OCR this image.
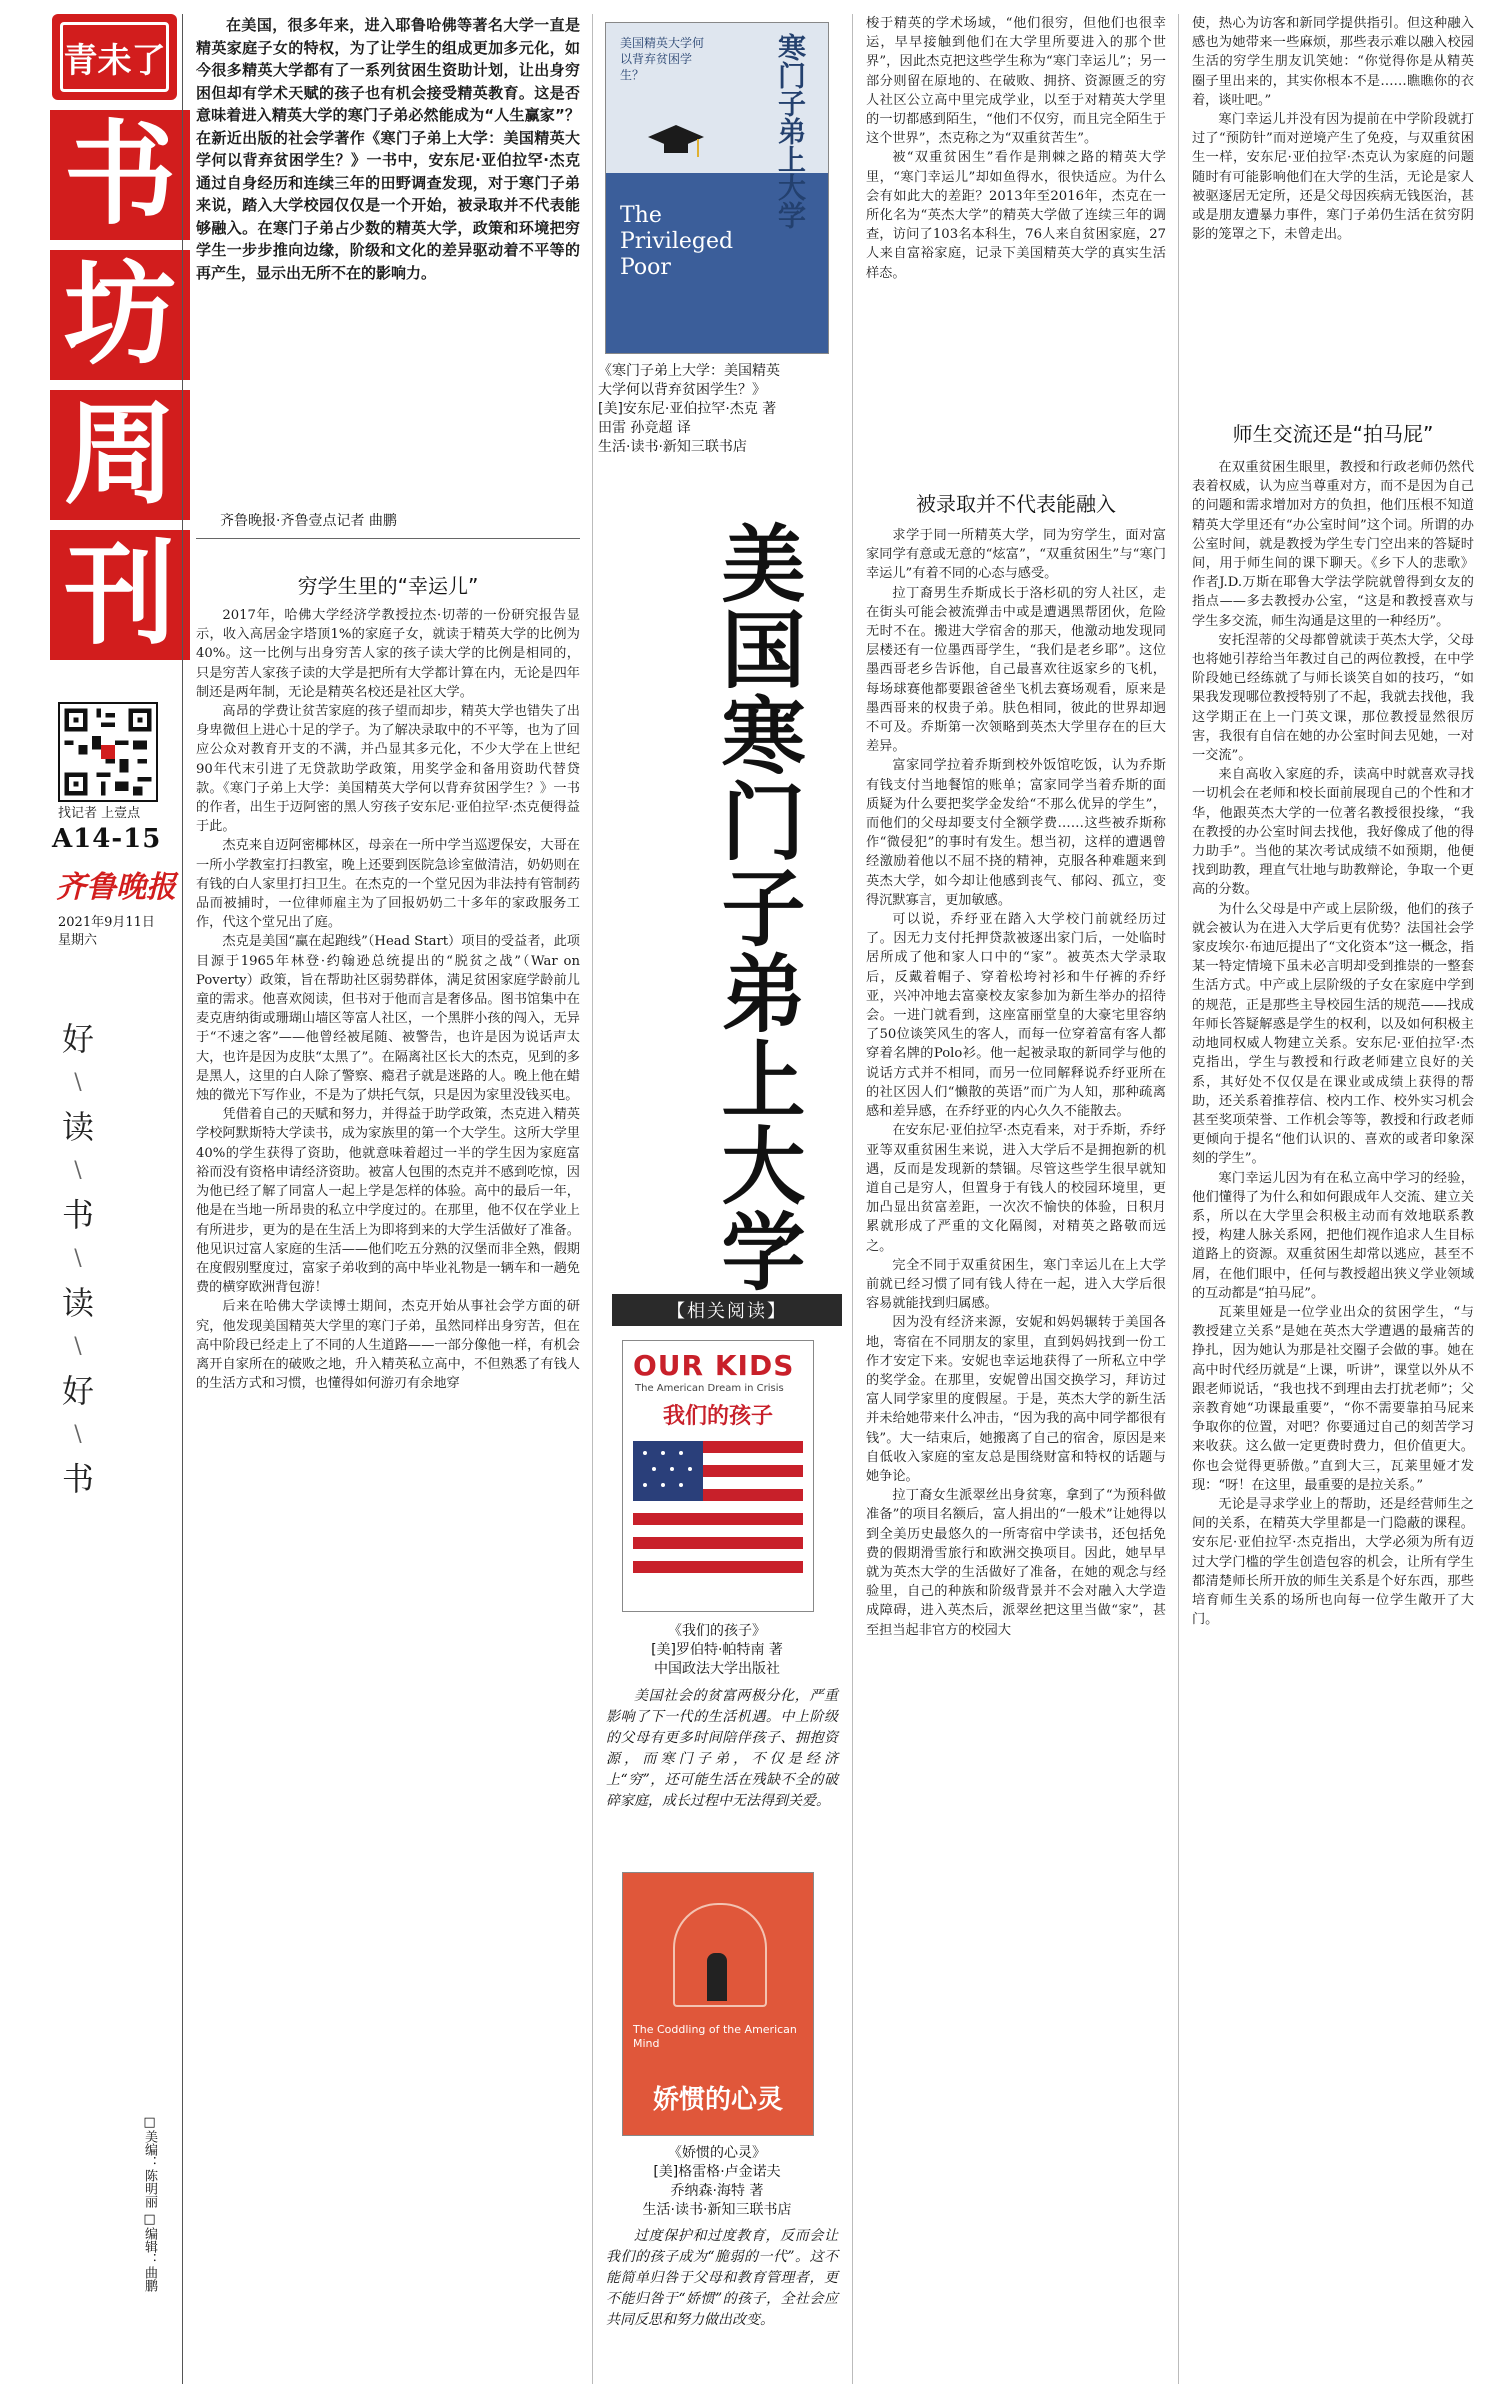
青未了
书
坊
周
刊
找记者 上壹点
A14-15
齐鲁晚报
2021年9月11日
星期六
好
\
读
\
书
\
读
\
好
\
书
□美编：陈明丽 □编辑：曲鹏

在美国，很多年来，进入耶鲁哈佛等著名大学一直是精英家庭子女的特权，为了让学生的组成更加多元化，如今很多精英大学都有了一系列贫困生资助计划，让出身穷困但却有学术天赋的孩子也有机会接受精英教育。这是否意味着进入精英大学的寒门子弟必然能成为“人生赢家”？在新近出版的社会学著作《寒门子弟上大学：美国精英大学何以背弃贫困学生？》一书中，安东尼·亚伯拉罕·杰克通过自身经历和连续三年的田野调查发现，对于寒门子弟来说，踏入大学校园仅仅是一个开始，被录取并不代表能够融入。在寒门子弟占少数的精英大学，政策和环境把穷学生一步步推向边缘，阶级和文化的差异驱动着不平等的再产生，显示出无所不在的影响力。

齐鲁晚报·齐鲁壹点记者 曲鹏
穷学生里的“幸运儿”

2017年，哈佛大学经济学教授拉杰·切蒂的一份研究报告显示，收入高居金字塔顶1%的家庭子女，就读于精英大学的比例为40%。这一比例与出身穷苦人家的孩子读大学的比例是相同的，只是穷苦人家孩子读的大学是把所有大学都计算在内，无论是四年制还是两年制，无论是精英名校还是社区大学。

高昂的学费让贫苦家庭的孩子望而却步，精英大学也错失了出身卑微但上进心十足的学子。为了解决录取中的不平等，也为了回应公众对教育开支的不满，并凸显其多元化，不少大学在上世纪90年代末引进了无贷款助学政策，用奖学金和备用资助代替贷款。《寒门子弟上大学：美国精英大学何以背弃贫困学生？》一书的作者，出生于迈阿密的黑人穷孩子安东尼·亚伯拉罕·杰克便得益于此。

杰克来自迈阿密椰林区，母亲在一所中学当巡逻保安，大哥在一所小学教室打扫教室，晚上还要到医院急诊室做清洁，奶奶则在有钱的白人家里打扫卫生。在杰克的一个堂兄因为非法持有管制药品而被捕时，一位律师雇主为了回报奶奶二十多年的家政服务工作，代这个堂兄出了庭。

杰克是美国“赢在起跑线”（Head Start）项目的受益者，此项目源于1965年林登·约翰逊总统提出的“脱贫之战”（War on Poverty）政策，旨在帮助社区弱势群体，满足贫困家庭学龄前儿童的需求。他喜欢阅读，但书对于他而言是奢侈品。图书馆集中在麦克唐纳街或珊瑚山墙区等富人社区，一个黑胖小孩的闯入，无异于“不速之客”——他曾经被尾随、被警告，也许是因为说话声太大，也许是因为皮肤“太黑了”。在隔离社区长大的杰克，见到的多是黑人，这里的白人除了警察、瘾君子就是迷路的人。晚上他在蜡烛的微光下写作业，不是为了烘托气氛，只是因为家里没钱买电。

凭借着自己的天赋和努力，并得益于助学政策，杰克进入精英学校阿默斯特大学读书，成为家族里的第一个大学生。这所大学里40%的学生获得了资助，他就意味着超过一半的学生因为家庭富裕而没有资格申请经济资助。被富人包围的杰克并不感到吃惊，因为他已经了解了同富人一起上学是怎样的体验。高中的最后一年，他是在当地一所昂贵的私立中学度过的。在那里，他不仅在学业上有所进步，更为的是在生活上为即将到来的大学生活做好了准备。他见识过富人家庭的生活——他们吃五分熟的汉堡而非全熟，假期在度假别墅度过，富家子弟收到的高中毕业礼物是一辆车和一趟免费的横穿欧洲背包游！

后来在哈佛大学读博士期间，杰克开始从事社会学方面的研究，他发现美国精英大学里的寒门子弟，虽然同样出身穷苦，但在高中阶段已经走上了不同的人生道路——一部分像他一样，有机会离开自家所在的破败之地，升入精英私立高中，不但熟悉了有钱人的生活方式和习惯，也懂得如何游刃有余地穿

美国精英大学何以背弃贫困学生？	寒门子弟上大学
The Privileged Poor
《寒门子弟上大学：美国精英
大学何以背弃贫困学生？》
[美]安东尼·亚伯拉罕·杰克 著
田雷 孙竞超 译
生活·读书·新知三联书店
美国寒门子弟上大学
【相关阅读】
OUR KIDS
The American Dream in Crisis
我们的孩子
《我们的孩子》
[美]罗伯特·帕特南 著
中国政法大学出版社

美国社会的贫富两极分化，严重影响了下一代的生活机遇。中上阶级的父母有更多时间陪伴孩子、拥抱资源，而寒门子弟，不仅是经济上“穷”，还可能生活在残缺不全的破碎家庭，成长过程中无法得到关爱。

The Coddling of the American Mind
娇惯的心灵
《娇惯的心灵》
[美]格雷格·卢金诺夫
乔纳森·海特 著
生活·读书·新知三联书店

过度保护和过度教育，反而会让我们的孩子成为“脆弱的一代”。这不能简单归咎于父母和教育管理者，更不能归咎于“娇惯”的孩子，全社会应共同反思和努力做出改变。

梭于精英的学术场域，“他们很穷，但他们也很幸运，早早接触到他们在大学里所要进入的那个世界”，因此杰克把这些学生称为“寒门幸运儿”；另一部分则留在原地的、在破败、拥挤、资源匮乏的穷人社区公立高中里完成学业，以至于对精英大学里的一切都感到陌生，“他们不仅穷，而且完全陌生于这个世界”，杰克称之为“双重贫苦生”。

被“双重贫困生”看作是荆棘之路的精英大学里，“寒门幸运儿”却如鱼得水，很快适应。为什么会有如此大的差距？2013年至2016年，杰克在一所化名为“英杰大学”的精英大学做了连续三年的调查，访问了103名本科生，76人来自贫困家庭，27人来自富裕家庭，记录下美国精英大学的真实生活样态。

被录取并不代表能融入

求学于同一所精英大学，同为穷学生，面对富家同学有意或无意的“炫富”，“双重贫困生”与“寒门幸运儿”有着不同的心态与感受。

拉丁裔男生乔斯成长于洛杉矶的穷人社区，走在街头可能会被流弹击中或是遭遇黑帮团伙，危险无时不在。搬进大学宿舍的那天，他激动地发现同层楼还有一位墨西哥学生，“我们是老乡耶”。这位墨西哥老乡告诉他，自己最喜欢往返家乡的飞机，每场球赛他都要跟爸爸坐飞机去赛场观看，原来是墨西哥来的权贵子弟。肤色相同，彼此的世界却迥不可及。乔斯第一次领略到英杰大学里存在的巨大差异。

富家同学拉着乔斯到校外饭馆吃饭，认为乔斯有钱支付当地餐馆的账单；富家同学当着乔斯的面质疑为什么要把奖学金发给“不那么优异的学生”，而他们的父母却要支付全额学费……这些被乔斯称作“微侵犯”的事时有发生。想当初，这样的遭遇曾经激励着他以不屈不挠的精神，克服各种难题来到英杰大学，如今却让他感到丧气、郁闷、孤立，变得沉默寡言，更加敏感。

可以说，乔纾亚在踏入大学校门前就经历过了。因无力支付托押贷款被逐出家门后，一处临时居所成了他和家人口中的“家”。被英杰大学录取后，反戴着帽子、穿着松垮衬衫和牛仔裤的乔纾亚，兴冲冲地去富豪校友家参加为新生举办的招待会。一进门就看到，这座富丽堂皇的大豪宅里容纳了50位谈笑风生的客人，而每一位穿着富有客人都穿着名牌的Polo衫。他一起被录取的新同学与他的说话方式并不相同，而另一位同解释说乔纾亚所在的社区因人们“懒散的英语”而广为人知，那种疏离感和差异感，在乔纾亚的内心久久不能散去。

在安东尼·亚伯拉罕·杰克看来，对于乔斯，乔纾亚等双重贫困生来说，进入大学后不是拥抱新的机遇，反而是发现新的禁锢。尽管这些学生很早就知道自己是穷人，但置身于有钱人的校园环境里，更加凸显出贫富差距，一次次不愉快的体验，日积月累就形成了严重的文化隔阂，对精英之路敬而远之。

完全不同于双重贫困生，寒门幸运儿在上大学前就已经习惯了同有钱人待在一起，进入大学后很容易就能找到归属感。

因为没有经济来源，安妮和妈妈辗转于美国各地，寄宿在不同朋友的家里，直到妈妈找到一份工作才安定下来。安妮也幸运地获得了一所私立中学的奖学金。在那里，安妮曾出国交换学习，拜访过富人同学家里的度假屋。于是，英杰大学的新生活并未给她带来什么冲击，“因为我的高中同学都很有钱”。大一结束后，她搬离了自己的宿舍，原因是来自低收入家庭的室友总是围绕财富和特权的话题与她争论。

拉丁裔女生派翠丝出身贫寒，拿到了“为预科做准备”的项目名额后，富人捐出的“一般术”让她得以到全美历史最悠久的一所寄宿中学读书，还包括免费的假期滑雪旅行和欧洲交换项目。因此，她早早就为英杰大学的生活做好了准备，在她的观念与经验里，自己的种族和阶级背景并不会对融入大学造成障碍，进入英杰后，派翠丝把这里当做“家”，甚至担当起非官方的校园大

使，热心为访客和新同学提供指引。但这种融入感也为她带来一些麻烦，那些表示难以融入校园生活的穷学生朋友讥笑她：“你觉得你是从精英圈子里出来的，其实你根本不是……瞧瞧你的衣着，谈吐吧。”

寒门幸运儿并没有因为提前在中学阶段就打过了“预防针”而对逆境产生了免疫，与双重贫困生一样，安东尼·亚伯拉罕·杰克认为家庭的问题随时有可能影响他们在大学的生活，无论是家人被驱逐居无定所，还是父母因疾病无钱医治，甚或是朋友遭暴力事件，寒门子弟仍生活在贫穷阴影的笼罩之下，未曾走出。

师生交流还是“拍马屁”

在双重贫困生眼里，教授和行政老师仍然代表着权威，认为应当尊重对方，而不是因为自己的问题和需求增加对方的负担，他们压根不知道精英大学里还有“办公室时间”这个词。所谓的办公室时间，就是教授为学生专门空出来的答疑时间，用于师生间的课下聊天。《乡下人的悲歌》作者J.D.万斯在耶鲁大学法学院就曾得到女友的指点——多去教授办公室，“这是和教授喜欢与学生多交流，师生沟通是这里的一种经历”。

安托涅蒂的父母都曾就读于英杰大学，父母也将她引荐给当年教过自己的两位教授，在中学阶段她已经练就了与师长谈笑自如的技巧，“如果我发现哪位教授特别了不起，我就去找他，我这学期正在上一门英文课，那位教授显然很厉害，我很有自信在她的办公室时间去见她，一对一交流”。

来自高收入家庭的乔，读高中时就喜欢寻找一切机会在老师和校长面前展现自己的个性和才华，他跟英杰大学的一位著名教授很投缘，“我在教授的办公室时间去找他，我好像成了他的得力助手”。当他的某次考试成绩不如预期，他便找到助教，理直气壮地与助教辩论，争取一个更高的分数。

为什么父母是中产或上层阶级，他们的孩子就会被认为在进入大学后更有优势？法国社会学家皮埃尔·布迪厄提出了“文化资本”这一概念，指某一特定情境下虽未必言明却受到推崇的一整套生活方式。中产或上层阶级的子女在家庭中学到的规范，正是那些主导校园生活的规范——找成年师长答疑解惑是学生的权利，以及如何积极主动地同权威人物建立关系。安东尼·亚伯拉罕·杰克指出，学生与教授和行政老师建立良好的关系，其好处不仅仅是在课业或成绩上获得的帮助，还关系着推荐信、校内工作、校外实习机会甚至奖项荣誉、工作机会等等，教授和行政老师更倾向于提名“他们认识的、喜欢的或者印象深刻的学生”。

寒门幸运儿因为有在私立高中学习的经验，他们懂得了为什么和如何跟成年人交流、建立关系，所以在大学里会积极主动而有效地联系教授，构建人脉关系网，把他们视作追求人生目标道路上的资源。双重贫困生却常以逃应，甚至不屑，在他们眼中，任何与教授超出狭义学业领域的互动都是“拍马屁”。

瓦莱里娅是一位学业出众的贫困学生，“与教授建立关系”是她在英杰大学遭遇的最痛苦的挣扎，因为她认为那是社交圈子会做的事。她在高中时代经历就是“上课，听讲”，课堂以外从不跟老师说话，“我也找不到理由去打扰老师”；父亲教育她“功课最重要”，“你不需要靠拍马屁来争取你的位置，对吧？你要通过自己的刻苦学习来收获。这么做一定更费时费力，但价值更大。你也会觉得更骄傲。”直到大三，瓦莱里娅才发现：“呀！在这里，最重要的是拉关系。”

无论是寻求学业上的帮助，还是经营师生之间的关系，在精英大学里都是一门隐蔽的课程。安东尼·亚伯拉罕·杰克指出，大学必须为所有迈过大学门槛的学生创造包容的机会，让所有学生都清楚师长所开放的师生关系是个好东西，那些培育师生关系的场所也向每一位学生敞开了大门。
